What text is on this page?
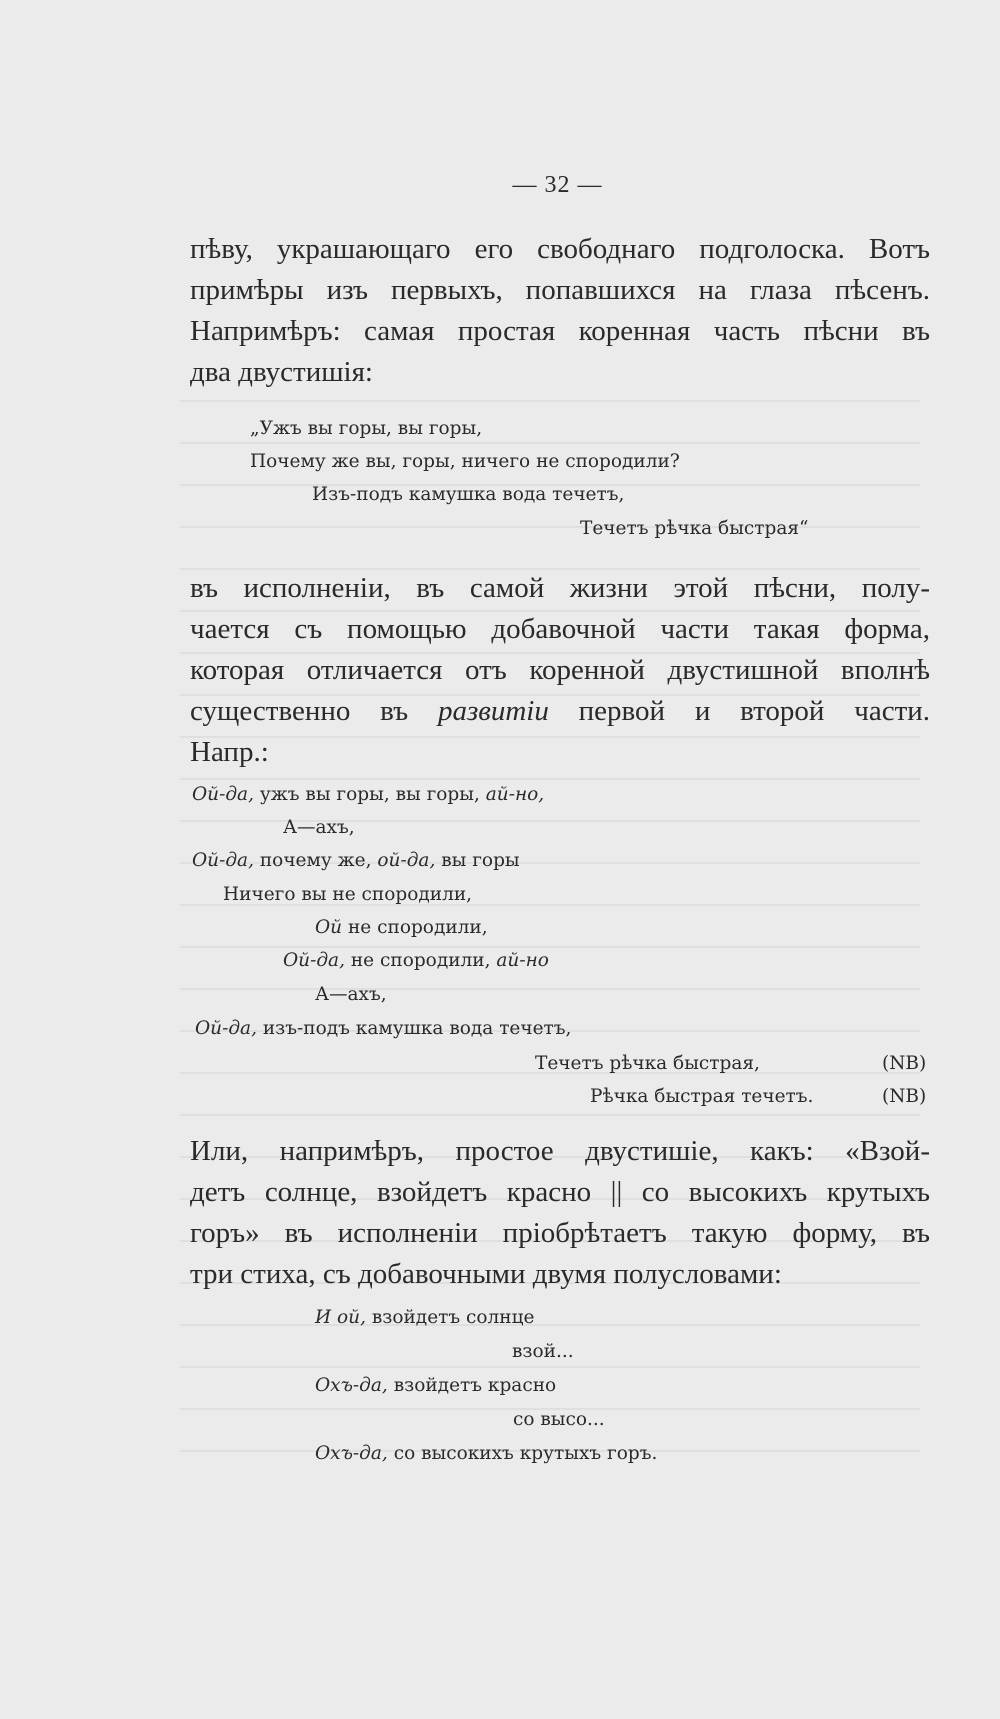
— 32 —
пѣву, украшающаго его свободнаго подголоска. Вотъ
примѣры изъ первыхъ, попавшихся на глаза пѣсенъ.
Напримѣръ: самая простая коренная часть пѣсни въ
два двустишія:
„Ужъ вы горы, вы горы,
Почему же вы, горы, ничего не спородили?
Изъ-подъ камушка вода течетъ,
Течетъ рѣчка быстрая“
въ исполненіи, въ самой жизни этой пѣсни, полу-
чается съ помощью добавочной части такая форма,
которая отличается отъ коренной двустишной вполнѣ
существенно въ развитіи первой и второй части.
Напр.:
Ой-да, ужъ вы горы, вы горы, ай-но,
А—ахъ,
Ой-да, почему же, ой-да, вы горы
Ничего вы не спородили,
Ой не спородили,
Ой-да, не спородили, ай-но
А—ахъ,
Ой-да, изъ-подъ камушка вода течетъ,
Течетъ рѣчка быстрая,	(NB)
Рѣчка быстрая течетъ.	(NB)
Или, напримѣръ, простое двустишіе, какъ: «Взой-
детъ солнце, взойдетъ красно || со высокихъ крутыхъ
горъ» въ исполненіи пріобрѣтаетъ такую форму, въ
три стиха, съ добавочными двумя полусловами:
И ой, взойдетъ солнце
взой...
Охъ-да, взойдетъ красно
со высо...
Охъ-да, со высокихъ крутыхъ горъ.
